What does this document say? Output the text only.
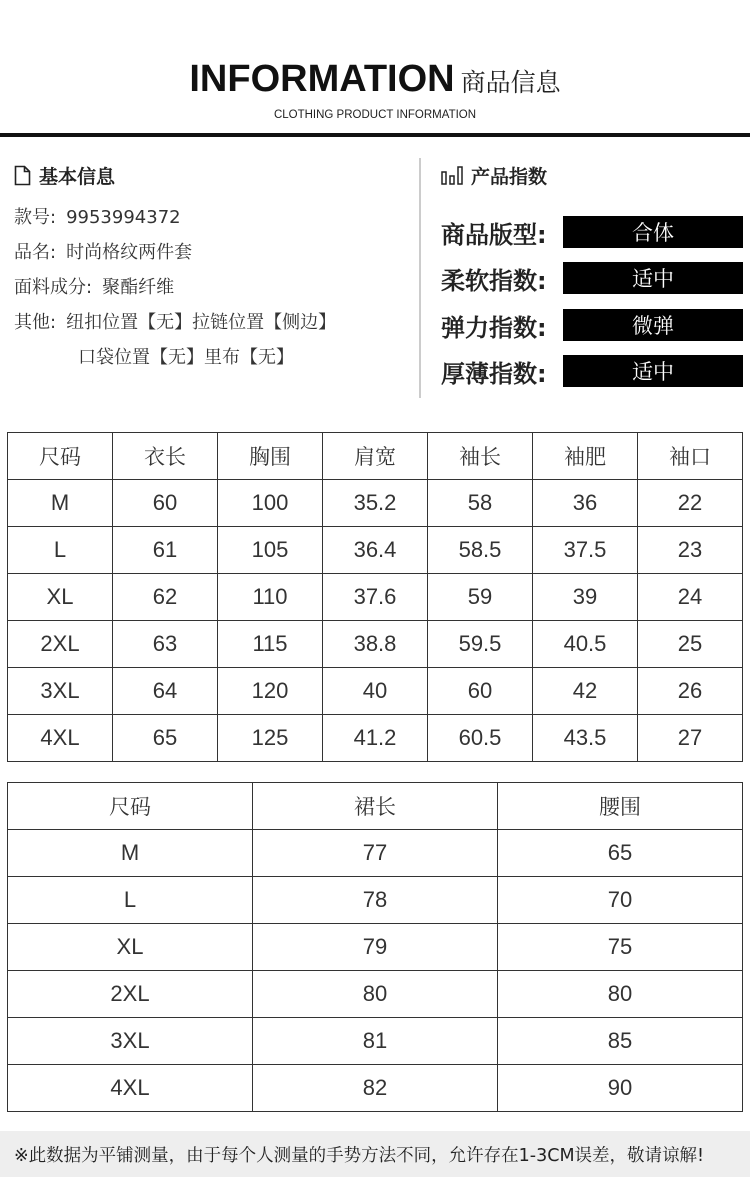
INFORMATION 商品信息
CLOTHING PRODUCT INFORMATION
基本信息
款号: 9953994372
品名: 时尚格纹两件套
面料成分: 聚酯纤维
其他: 纽扣位置【无】拉链位置【侧边】
口袋位置【无】里布【无】
产品指数
商品版型:	合体
柔软指数:	适中
弹力指数:	微弹
厚薄指数:	适中
尺码	衣长	胸围	肩宽	袖长	袖肥	袖口
M	60	100	35.2	58	36	22
L	61	105	36.4	58.5	37.5	23
XL	62	110	37.6	59	39	24
2XL	63	115	38.8	59.5	40.5	25
3XL	64	120	40	60	42	26
4XL	65	125	41.2	60.5	43.5	27
尺码	裙长	腰围
M	77	65
L	78	70
XL	79	75
2XL	80	80
3XL	81	85
4XL	82	90
※此数据为平铺测量，由于每个人测量的手势方法不同，允许存在1-3CM误差，敬请谅解!
